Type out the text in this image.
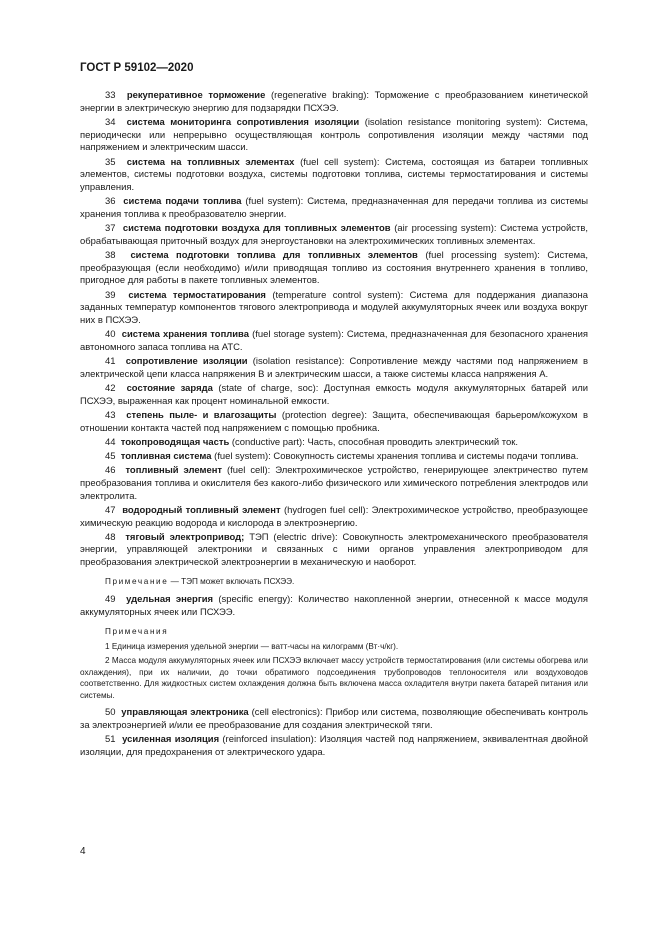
ГОСТ Р 59102—2020

33 рекуперативное торможение (regenerative braking): Торможение с преобразованием кинетической энергии в электрическую энергию для подзарядки ПСХЭЭ.

34 система мониторинга сопротивления изоляции (isolation resistance monitoring system): Система, периодически или непрерывно осуществляющая контроль сопротивления изоляции между частями под напряжением и электрическим шасси.

35 система на топливных элементах (fuel cell system): Система, состоящая из батареи топливных элементов, системы подготовки воздуха, системы подготовки топлива, системы термостатирования и системы управления.

36 система подачи топлива (fuel system): Система, предназначенная для передачи топлива из системы хранения топлива к преобразователю энергии.

37 система подготовки воздуха для топливных элементов (air processing system): Система устройств, обрабатывающая приточный воздух для энергоустановки на электрохимических топливных элементах.

38 система подготовки топлива для топливных элементов (fuel processing system): Система, преобразующая (если необходимо) и/или приводящая топливо из состояния внутреннего хранения в топливо, пригодное для работы в пакете топливных элементов.

39 система термостатирования (temperature control system): Система для поддержания диапазона заданных температур компонентов тягового электропривода и модулей аккумуляторных ячеек или воздуха вокруг них в ПСХЭЭ.

40 система хранения топлива (fuel storage system): Система, предназначенная для безопасного хранения автономного запаса топлива на АТС.

41 сопротивление изоляции (isolation resistance): Сопротивление между частями под напряжением в электрической цепи класса напряжения В и электрическим шасси, а также системы класса напряжения А.

42 состояние заряда (state of charge, soc): Доступная емкость модуля аккумуляторных батарей или ПСХЭЭ, выраженная как процент номинальной емкости.

43 степень пыле- и влагозащиты (protection degree): Защита, обеспечивающая барьером/кожухом в отношении контакта частей под напряжением с помощью пробника.

44 токопроводящая часть (conductive part): Часть, способная проводить электрический ток.

45 топливная система (fuel system): Совокупность системы хранения топлива и системы подачи топлива.

46 топливный элемент (fuel cell): Электрохимическое устройство, генерирующее электричество путем преобразования топлива и окислителя без какого-либо физического или химического потребления электродов или электролита.

47 водородный топливный элемент (hydrogen fuel cell): Электрохимическое устройство, преобразующее химическую реакцию водорода и кислорода в электроэнергию.

48 тяговый электропривод; ТЭП (electric drive): Совокупность электромеханического преобразователя энергии, управляющей электроники и связанных с ними органов управления электроприводом для преобразования электрической электроэнергии в механическую и наоборот.

Примечание — ТЭП может включать ПСХЭЭ.

49 удельная энергия (specific energy): Количество накопленной энергии, отнесенной к массе модуля аккумуляторных ячеек или ПСХЭЭ.

Примечания

1 Единица измерения удельной энергии — ватт-часы на килограмм (Вт·ч/кг).

2 Масса модуля аккумуляторных ячеек или ПСХЭЭ включает массу устройств термостатирования (или системы обогрева или охлаждения), при их наличии, до точки обратимого подсоединения трубопроводов теплоносителя или воздуховодов соответственно. Для жидкостных систем охлаждения должна быть включена масса охладителя внутри пакета батарей питания или системы.

50 управляющая электроника (cell electronics): Прибор или система, позволяющие обеспечивать контроль за электроэнергией и/или ее преобразование для создания электрической тяги.

51 усиленная изоляция (reinforced insulation): Изоляция частей под напряжением, эквивалентная двойной изоляции, для предохранения от электрического удара.

4
